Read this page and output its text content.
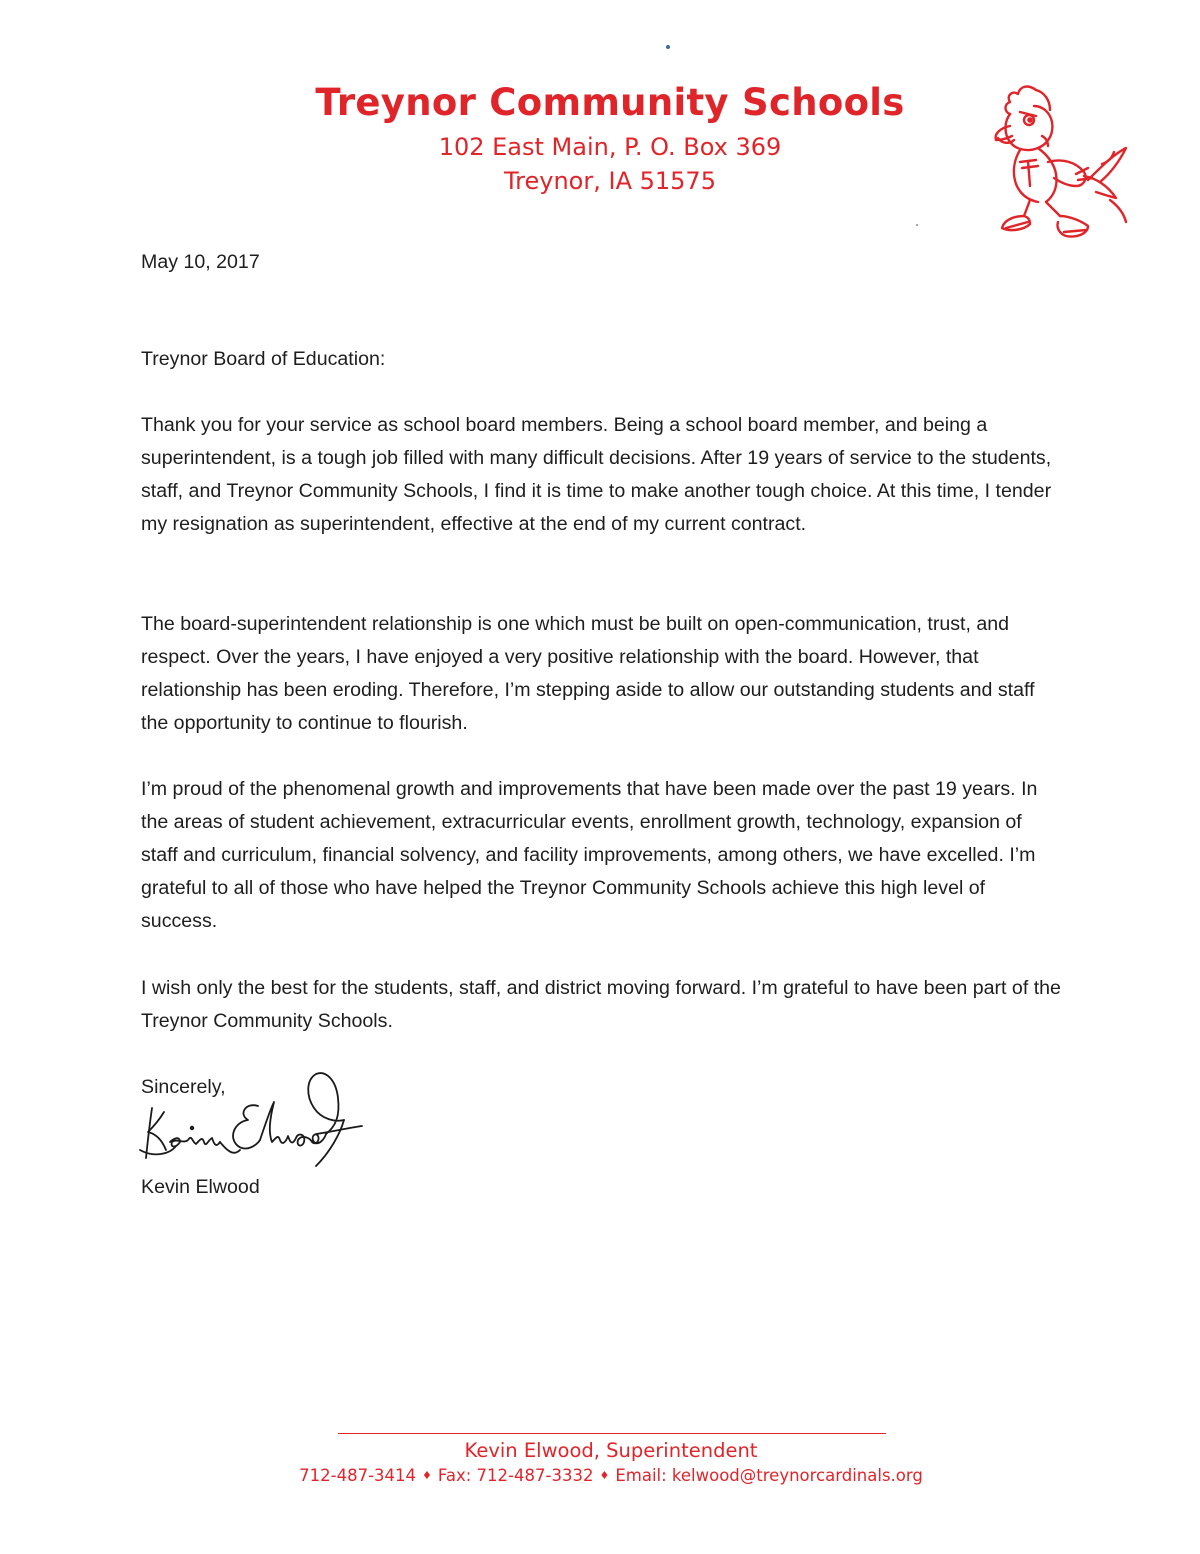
Treynor Community Schools
102 East Main, P. O. Box 369
Treynor, IA 51575

May 10, 2017

Treynor Board of Education:

Thank you for your service as school board members. Being a school board member, and being a superintendent, is a tough job filled with many difficult decisions. After 19 years of service to the students, staff, and Treynor Community Schools, I find it is time to make another tough choice. At this time, I tender my resignation as superintendent, effective at the end of my current contract.

The board-superintendent relationship is one which must be built on open-communication, trust, and respect. Over the years, I have enjoyed a very positive relationship with the board. However, that relationship has been eroding. Therefore, I’m stepping aside to allow our outstanding students and staff the opportunity to continue to flourish.

I’m proud of the phenomenal growth and improvements that have been made over the past 19 years. In the areas of student achievement, extracurricular events, enrollment growth, technology, expansion of staff and curriculum, financial solvency, and facility improvements, among others, we have excelled. I’m grateful to all of those who have helped the Treynor Community Schools achieve this high level of success.

I wish only the best for the students, staff, and district moving forward. I’m grateful to have been part of the Treynor Community Schools.

Sincerely,

Kevin Elwood

Kevin Elwood, Superintendent
712-487-3414 ♦ Fax: 712-487-3332 ♦ Email: kelwood@treynorcardinals.org
